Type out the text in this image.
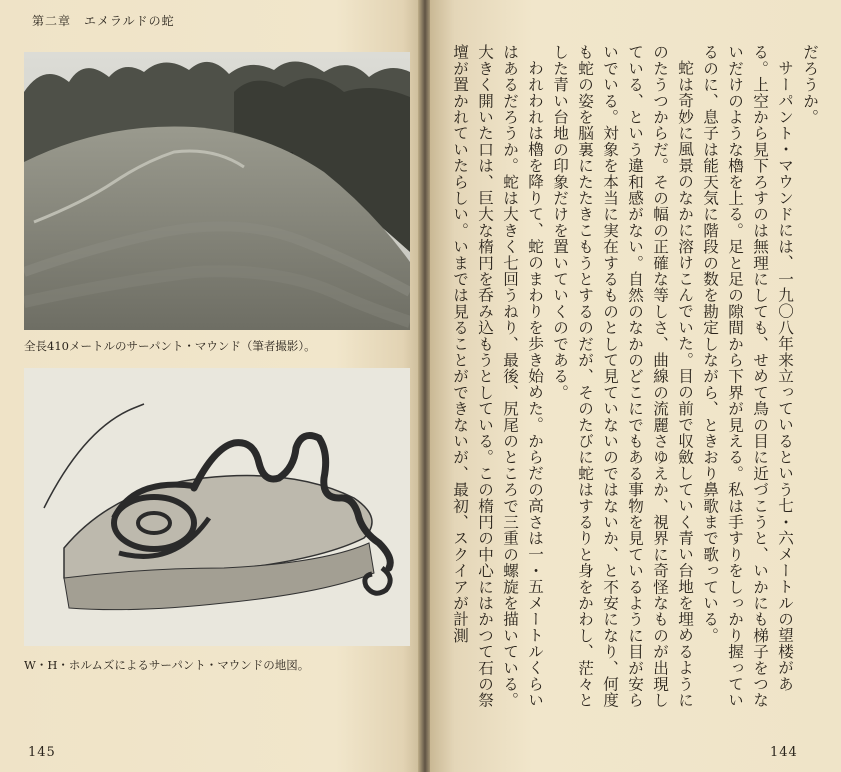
第二章　エメラルドの蛇
全長410メートルのサーパント・マウンド（筆者撮影）。
W・H・ホルムズによるサーパント・マウンドの地図。
145

だろうか。

サーパント・マウンドには、一九〇八年来立っているという七・六メートルの望楼がある。上空から見下ろすのは無理にしても、せめて鳥の目に近づこうと、いかにも梯子をつないだけのような櫓を上る。足と足の隙間から下界が見える。私は手すりをしっかり握っているのに、息子は能天気に階段の数を勘定しながら、ときおり鼻歌まで歌っている。

蛇は奇妙に風景のなかに溶けこんでいた。目の前で収斂していく青い台地を埋めるようにのたうつからだ。その幅の正確な等しさ、曲線の流麗さゆえか、視界に奇怪なものが出現している、という違和感がない。自然のなかのどこにでもある事物を見ているように目が安らいでいる。対象を本当に実在するものとして見ていないのではないか、と不安になり、何度も蛇の姿を脳裏にたたきこもうとするのだが、そのたびに蛇はするりと身をかわし、茫々とした青い台地の印象だけを置いていくのである。

われわれは櫓を降りて、蛇のまわりを歩き始めた。からだの高さは一・五メートルくらいはあるだろうか。蛇は大きく七回うねり、最後、尻尾のところで三重の螺旋を描いている。大きく開いた口は、巨大な楕円を呑み込もうとしている。この楕円の中心にはかつて石の祭壇が置かれていたらしい。いまでは見ることができないが、最初、スクイアが計測

144
